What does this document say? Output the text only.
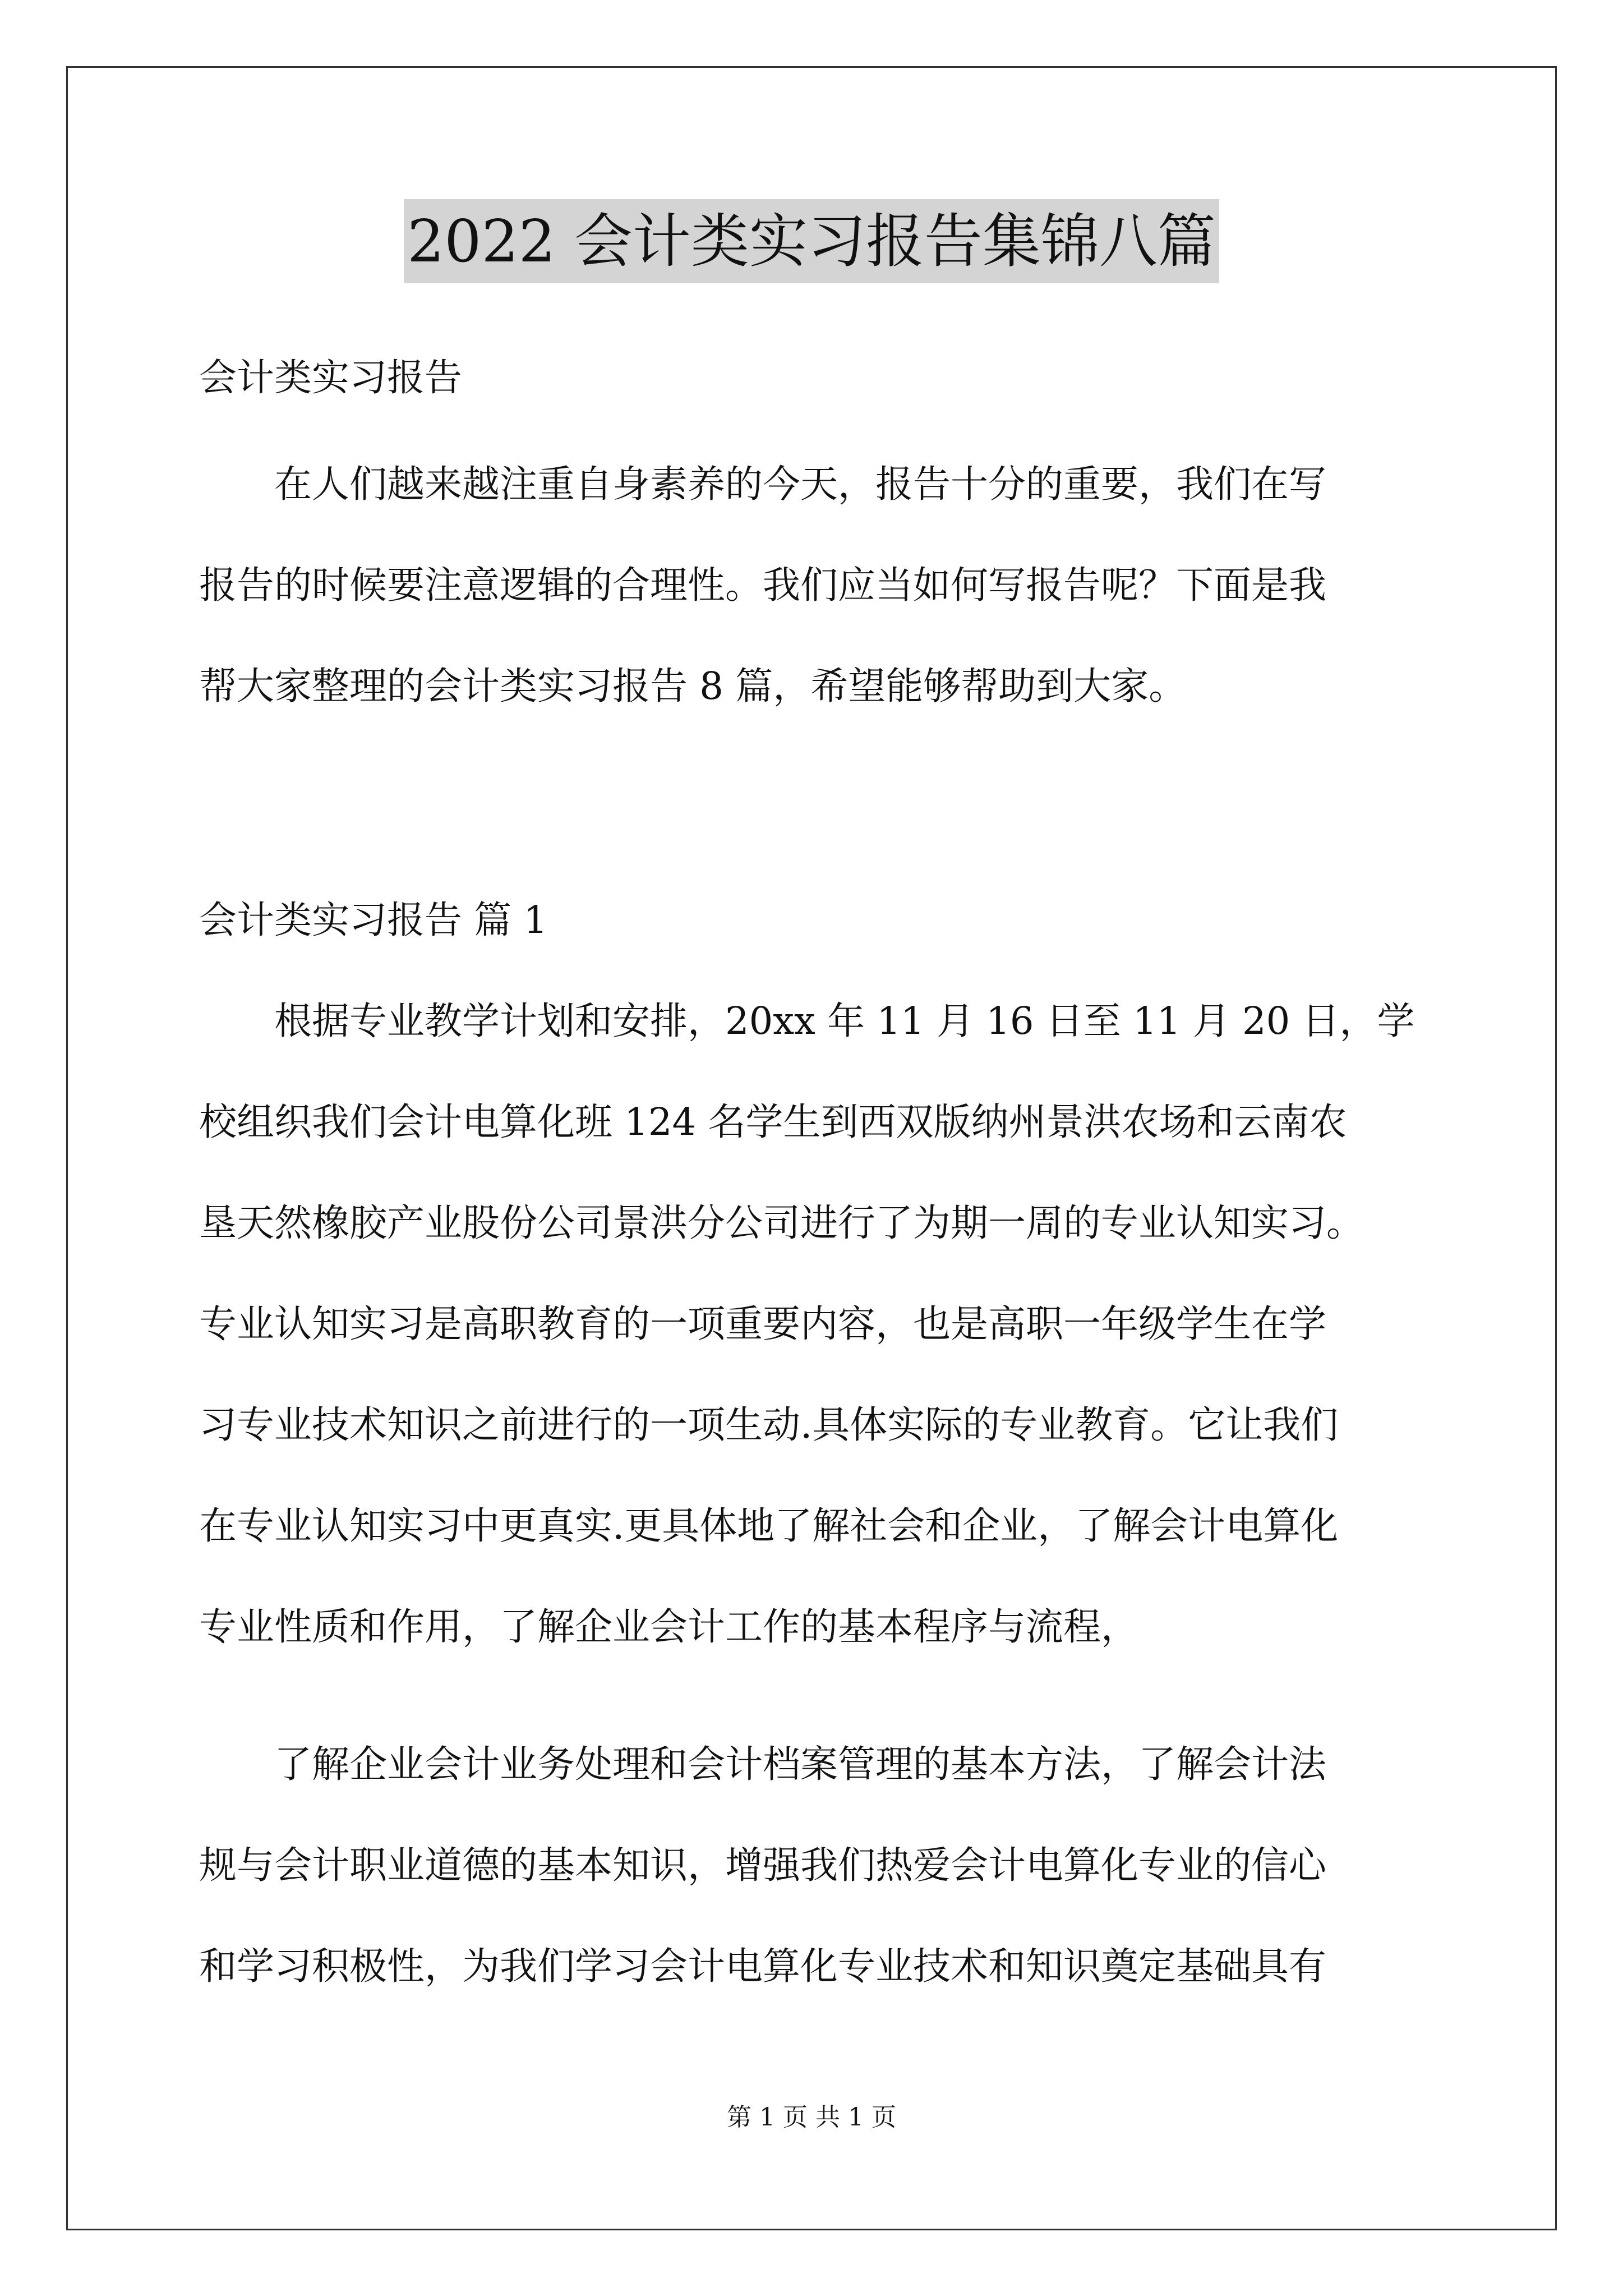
2022 会计类实习报告集锦八篇
会计类实习报告
在人们越来越注重自身素养的今天，报告十分的重要，我们在写
报告的时候要注意逻辑的合理性。我们应当如何写报告呢？下面是我
帮大家整理的会计类实习报告 8 篇，希望能够帮助到大家。
会计类实习报告 篇 1
根据专业教学计划和安排，20xx 年 11 月 16 日至 11 月 20 日，学
校组织我们会计电算化班 124 名学生到西双版纳州景洪农场和云南农
垦天然橡胶产业股份公司景洪分公司进行了为期一周的专业认知实习。
专业认知实习是高职教育的一项重要内容，也是高职一年级学生在学
习专业技术知识之前进行的一项生动.具体实际的专业教育。它让我们
在专业认知实习中更真实.更具体地了解社会和企业，了解会计电算化
专业性质和作用，了解企业会计工作的基本程序与流程，
了解企业会计业务处理和会计档案管理的基本方法，了解会计法
规与会计职业道德的基本知识，增强我们热爱会计电算化专业的信心
和学习积极性，为我们学习会计电算化专业技术和知识奠定基础具有
第 1 页 共 1 页
